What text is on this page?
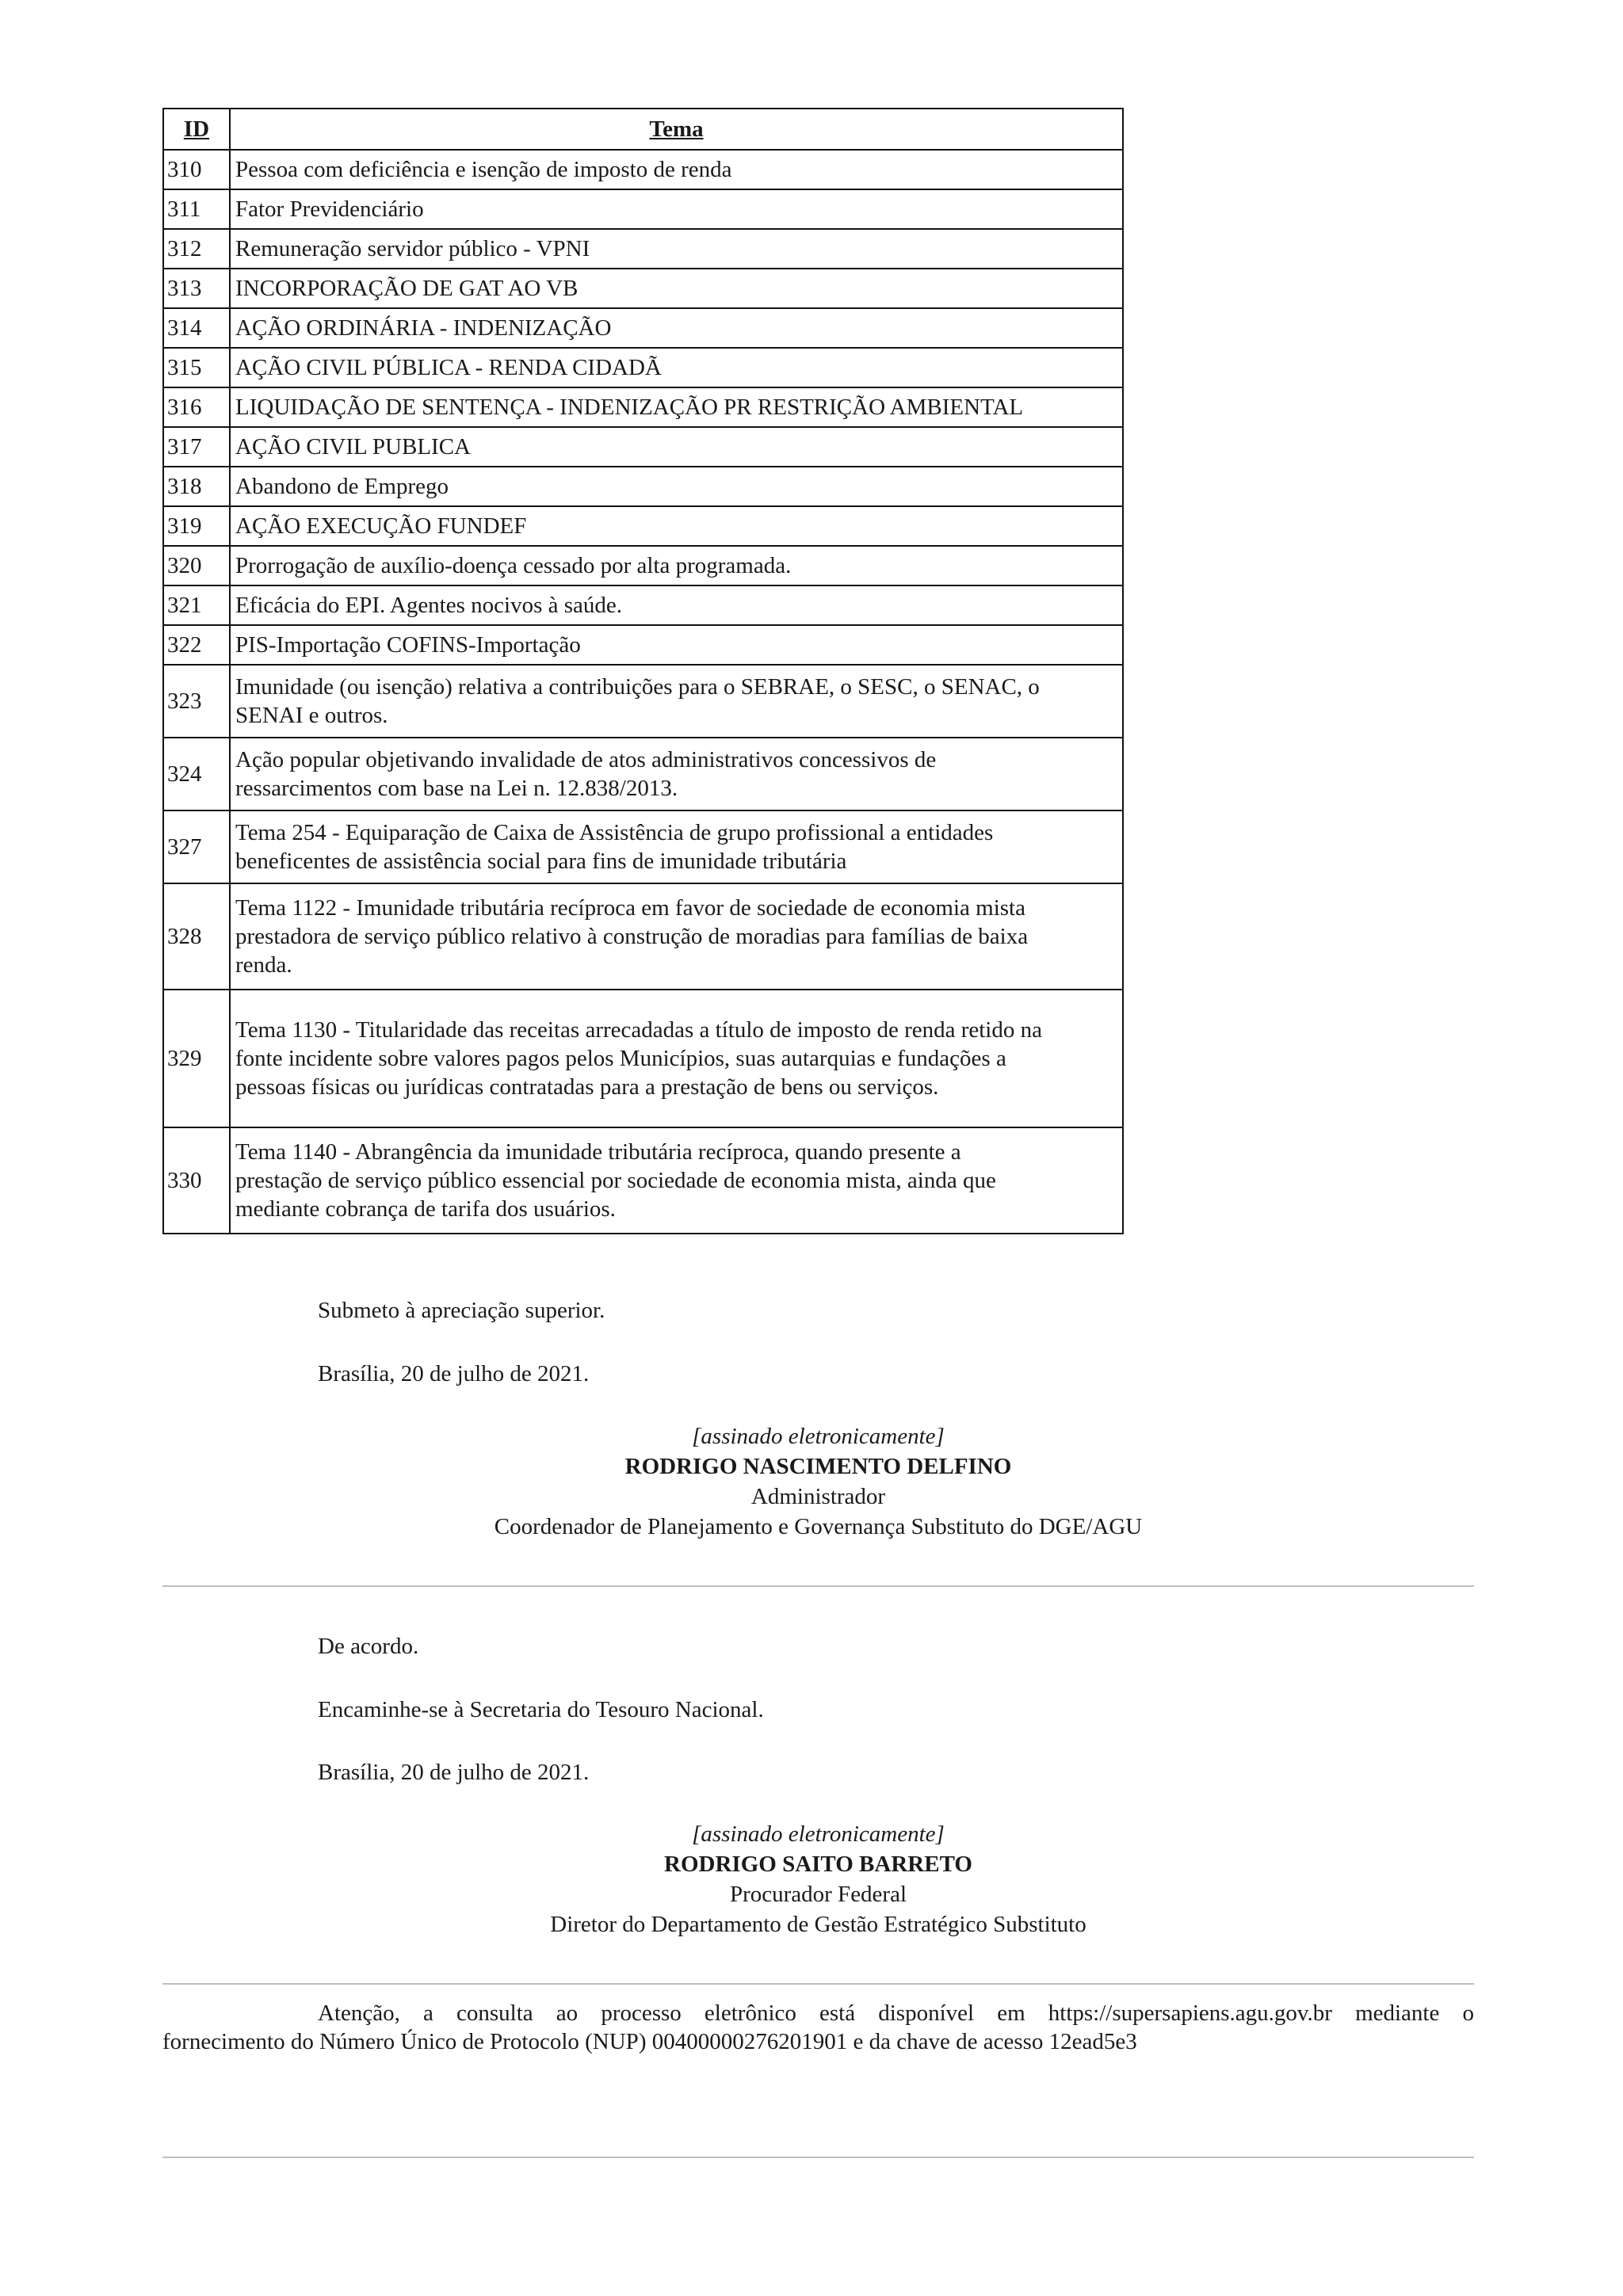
ID	Tema
310	Pessoa com deficiência e isenção de imposto de renda
311	Fator Previdenciário
312	Remuneração servidor público - VPNI
313	INCORPORAÇÃO DE GAT AO VB
314	AÇÃO ORDINÁRIA - INDENIZAÇÃO
315	AÇÃO CIVIL PÚBLICA - RENDA CIDADÃ
316	LIQUIDAÇÃO DE SENTENÇA - INDENIZAÇÃO PR RESTRIÇÃO AMBIENTAL
317	AÇÃO CIVIL PUBLICA
318	Abandono de Emprego
319	AÇÃO EXECUÇÃO FUNDEF
320	Prorrogação de auxílio-doença cessado por alta programada.
321	Eficácia do EPI. Agentes nocivos à saúde.
322	PIS-Importação COFINS-Importação
323	Imunidade (ou isenção) relativa a contribuições para o SEBRAE, o SESC, o SENAC, o
SENAI e outros.

324	Ação popular objetivando invalidade de atos administrativos concessivos de
ressarcimentos com base na Lei n. 12.838/2013.

327	Tema 254 - Equiparação de Caixa de Assistência de grupo profissional a entidades
beneficentes de assistência social para fins de imunidade tributária

328	Tema 1122 - Imunidade tributária recíproca em favor de sociedade de economia mista
prestadora de serviço público relativo à construção de moradias para famílias de baixa
renda.

329	Tema 1130 - Titularidade das receitas arrecadadas a título de imposto de renda retido na
fonte incidente sobre valores pagos pelos Municípios, suas autarquias e fundações a
pessoas físicas ou jurídicas contratadas para a prestação de bens ou serviços.

330	Tema 1140 - Abrangência da imunidade tributária recíproca, quando presente a
prestação de serviço público essencial por sociedade de economia mista, ainda que
mediante cobrança de tarifa dos usuários.
Submeto à apreciação superior.
Brasília, 20 de julho de 2021.
[assinado eletronicamente]
RODRIGO NASCIMENTO DELFINO
Administrador
Coordenador de Planejamento e Governança Substituto do DGE/AGU
De acordo.
Encaminhe-se à Secretaria do Tesouro Nacional.
Brasília, 20 de julho de 2021.
[assinado eletronicamente]
RODRIGO SAITO BARRETO
Procurador Federal
Diretor do Departamento de Gestão Estratégico Substituto
Atenção, a consulta ao processo eletrônico está disponível em https://supersapiens.agu.gov.br mediante o
fornecimento do Número Único de Protocolo (NUP) 00400000276201901 e da chave de acesso 12ead5e3
